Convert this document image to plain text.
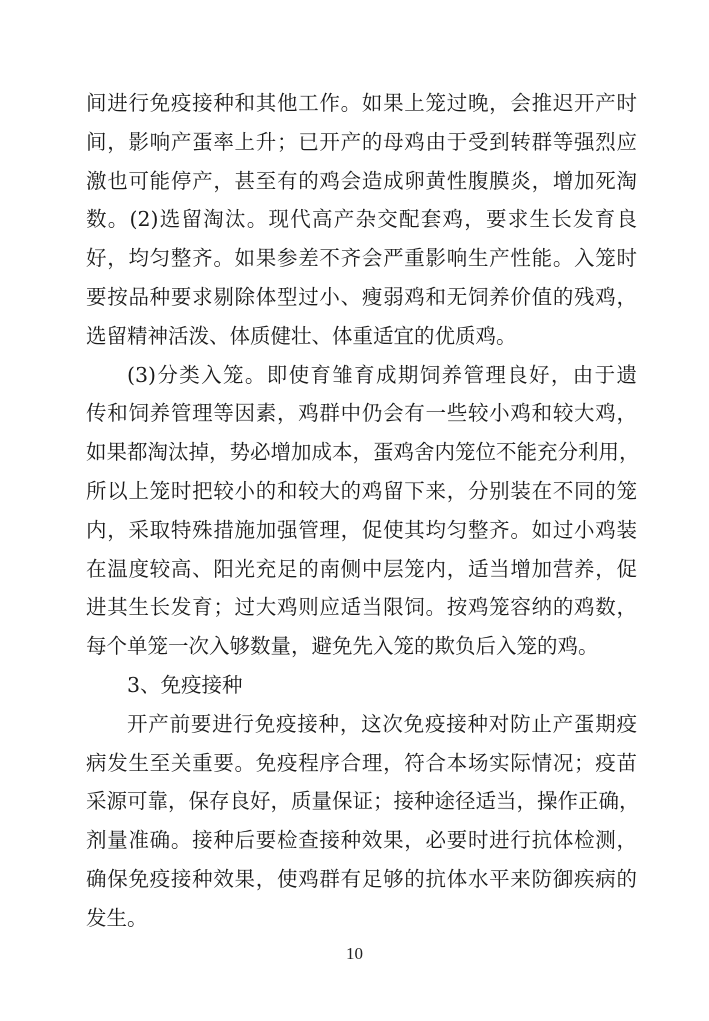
间进行免疫接种和其他工作。如果上笼过晚，会推迟开产时
间，影响产蛋率上升；已开产的母鸡由于受到转群等强烈应
激也可能停产，甚至有的鸡会造成卵黄性腹膜炎，增加死淘
数。(2)选留淘汰。现代高产杂交配套鸡，要求生长发育良
好，均匀整齐。如果参差不齐会严重影响生产性能。入笼时
要按品种要求剔除体型过小、瘦弱鸡和无饲养价值的残鸡，
选留精神活泼、体质健壮、体重适宜的优质鸡。
(3)分类入笼。即使育雏育成期饲养管理良好，由于遗
传和饲养管理等因素，鸡群中仍会有一些较小鸡和较大鸡，
如果都淘汰掉，势必增加成本，蛋鸡舍内笼位不能充分利用，
所以上笼时把较小的和较大的鸡留下来，分别装在不同的笼
内，采取特殊措施加强管理，促使其均匀整齐。如过小鸡装
在温度较高、阳光充足的南侧中层笼内，适当增加营养，促
进其生长发育；过大鸡则应适当限饲。按鸡笼容纳的鸡数，
每个单笼一次入够数量，避免先入笼的欺负后入笼的鸡。
3、免疫接种
开产前要进行免疫接种，这次免疫接种对防止产蛋期疫
病发生至关重要。免疫程序合理，符合本场实际情况；疫苗
采源可靠，保存良好，质量保证；接种途径适当，操作正确，
剂量准确。接种后要检查接种效果，必要时进行抗体检测，
确保免疫接种效果，使鸡群有足够的抗体水平来防御疾病的
发生。
10
